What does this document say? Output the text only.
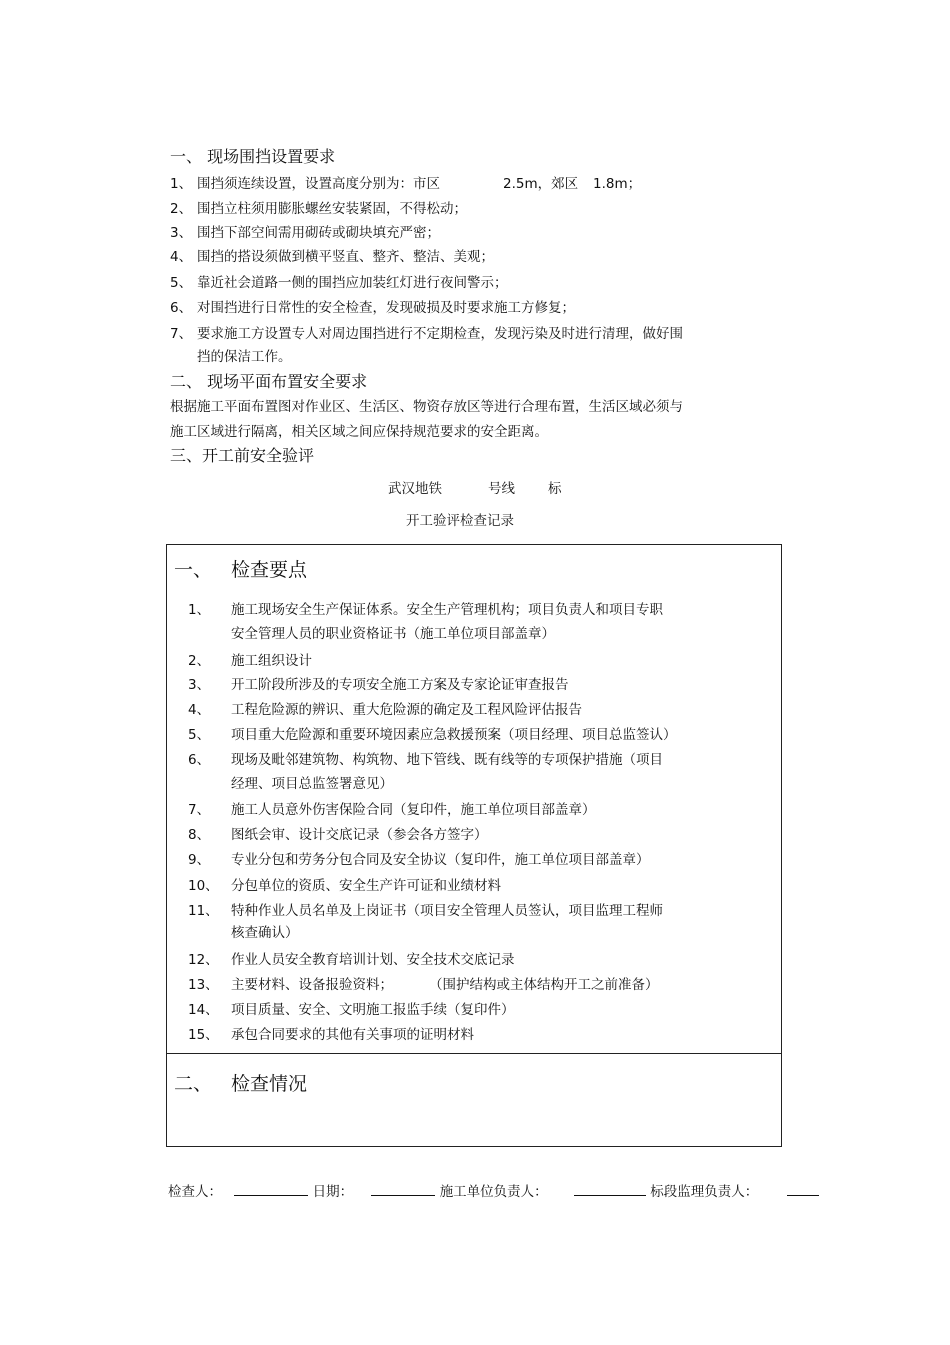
一、 现场围挡设置要求
1、 围挡须连续设置，设置高度分别为：市区	2.5m，郊区 1.8m；
2、 围挡立柱须用膨胀螺丝安装紧固，不得松动；
3、 围挡下部空间需用砌砖或砌块填充严密；
4、 围挡的搭设须做到横平竖直、整齐、整洁、美观；
5、 靠近社会道路一侧的围挡应加装红灯进行夜间警示；
6、 对围挡进行日常性的安全检查，发现破损及时要求施工方修复；
7、 要求施工方设置专人对周边围挡进行不定期检查，发现污染及时进行清理，做好围
挡的保洁工作。
二、 现场平面布置安全要求
根据施工平面布置图对作业区、生活区、物资存放区等进行合理布置，生活区域必须与
施工区域进行隔离，相关区域之间应保持规范要求的安全距离。
三、开工前安全验评
武汉地铁	号线 标
开工验评检查记录
一、 检查要点
1、 施工现场安全生产保证体系。安全生产管理机构；项目负责人和项目专职
安全管理人员的职业资格证书（施工单位项目部盖章）
2、 施工组织设计
3、 开工阶段所涉及的专项安全施工方案及专家论证审查报告
4、 工程危险源的辨识、重大危险源的确定及工程风险评估报告
5、 项目重大危险源和重要环境因素应急救援预案（项目经理、项目总监签认）
6、 现场及毗邻建筑物、构筑物、地下管线、既有线等的专项保护措施（项目
经理、项目总监签署意见）
7、 施工人员意外伤害保险合同（复印件，施工单位项目部盖章）
8、 图纸会审、设计交底记录（参会各方签字）
9、 专业分包和劳务分包合同及安全协议（复印件，施工单位项目部盖章）
10、 分包单位的资质、安全生产许可证和业绩材料
11、 特种作业人员名单及上岗证书（项目安全管理人员签认，项目监理工程师
核查确认）
12、 作业人员安全教育培训计划、安全技术交底记录
13、 主要材料、设备报验资料；	（围护结构或主体结构开工之前准备）
14、 项目质量、安全、文明施工报监手续（复印件）
15、 承包合同要求的其他有关事项的证明材料
二、 检查情况
检查人：	日期：	施工单位负责人：	标段监理负责人：
